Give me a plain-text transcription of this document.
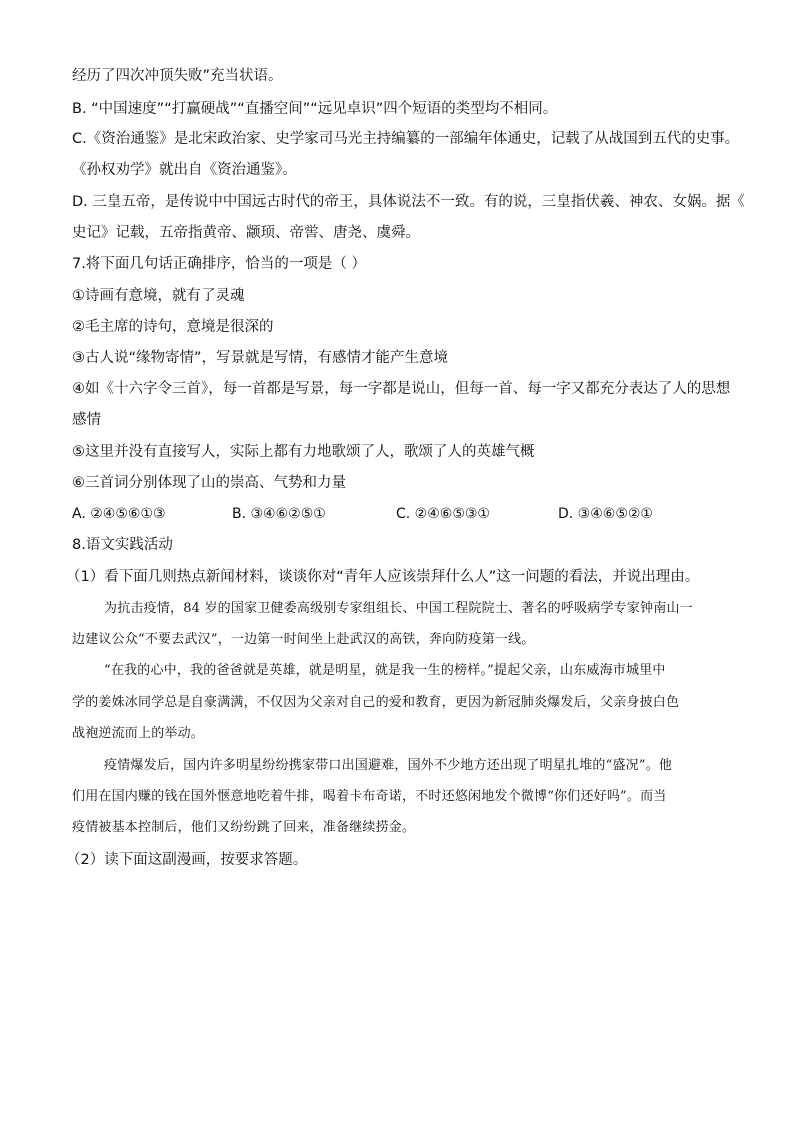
经历了四次冲顶失败”充当状语。
B. “中国速度”“打赢硬战”“直播空间”“远见卓识”四个短语的类型均不相同。
C.《资治通鉴》是北宋政治家、史学家司马光主持编纂的一部编年体通史，记载了从战国到五代的史事。
《孙权劝学》就出自《资治通鉴》。
D. 三皇五帝，是传说中中国远古时代的帝王，具体说法不一致。有的说，三皇指伏羲、神农、女娲。据《
史记》记载，五帝指黄帝、颛顼、帝喾、唐尧、虞舜。
7.将下面几句话正确排序，恰当的一项是（ ）
①诗画有意境，就有了灵魂
②毛主席的诗句，意境是很深的
③古人说“缘物寄情”，写景就是写情，有感情才能产生意境
④如《十六字令三首》，每一首都是写景，每一字都是说山，但每一首、每一字又都充分表达了人的思想
感情
⑤这里并没有直接写人，实际上都有力地歌颂了人，歌颂了人的英雄气概
⑥三首词分别体现了山的崇高、气势和力量
A. ②④⑤⑥①③	B. ③④⑥②⑤①	C. ②④⑥⑤③①	D. ③④⑥⑤②①
8.语文实践活动
（1）看下面几则热点新闻材料，谈谈你对“青年人应该崇拜什么人”这一问题的看法，并说出理由。
为抗击疫情，84 岁的国家卫健委高级别专家组组长、中国工程院院士、著名的呼吸病学专家钟南山一
边建议公众“不要去武汉”，一边第一时间坐上赴武汉的高铁，奔向防疫第一线。
“在我的心中，我的爸爸就是英雄，就是明星，就是我一生的榜样。”提起父亲，山东威海市城里中
学的姜姝冰同学总是自豪满满，不仅因为父亲对自己的爱和教育，更因为新冠肺炎爆发后，父亲身披白色
战袍逆流而上的举动。
疫情爆发后，国内许多明星纷纷携家带口出国避难，国外不少地方还出现了明星扎堆的“盛况”。他
们用在国内赚的钱在国外惬意地吃着牛排，喝着卡布奇诺，不时还悠闲地发个微博“你们还好吗”。而当
疫情被基本控制后，他们又纷纷跳了回来，准备继续捞金。
（2）读下面这副漫画，按要求答题。
